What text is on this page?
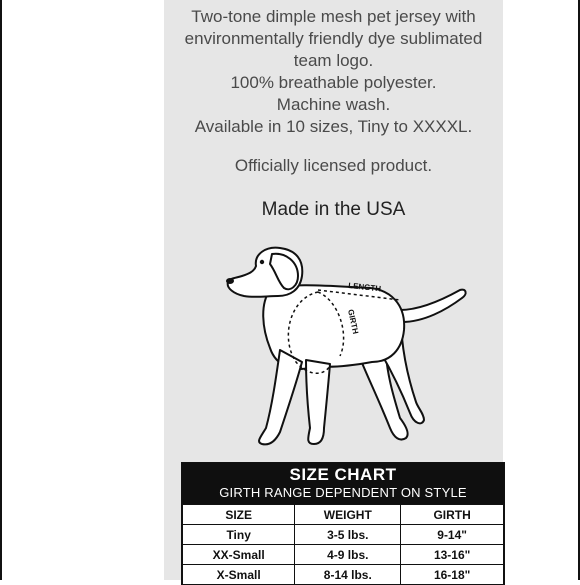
Two-tone dimple mesh pet jersey with
environmentally friendly dye sublimated
team logo.
100% breathable polyester.
Machine wash.
Available in 10 sizes, Tiny to XXXXL.
Officially licensed product.
Made in the USA
LENGTH
GIRTH
SIZE CHART
GIRTH RANGE DEPENDENT ON STYLE
SIZE	WEIGHT	GIRTH
Tiny	3-5 lbs.	9-14"
XX-Small	4-9 lbs.	13-16"
X-Small	8-14 lbs.	16-18"
